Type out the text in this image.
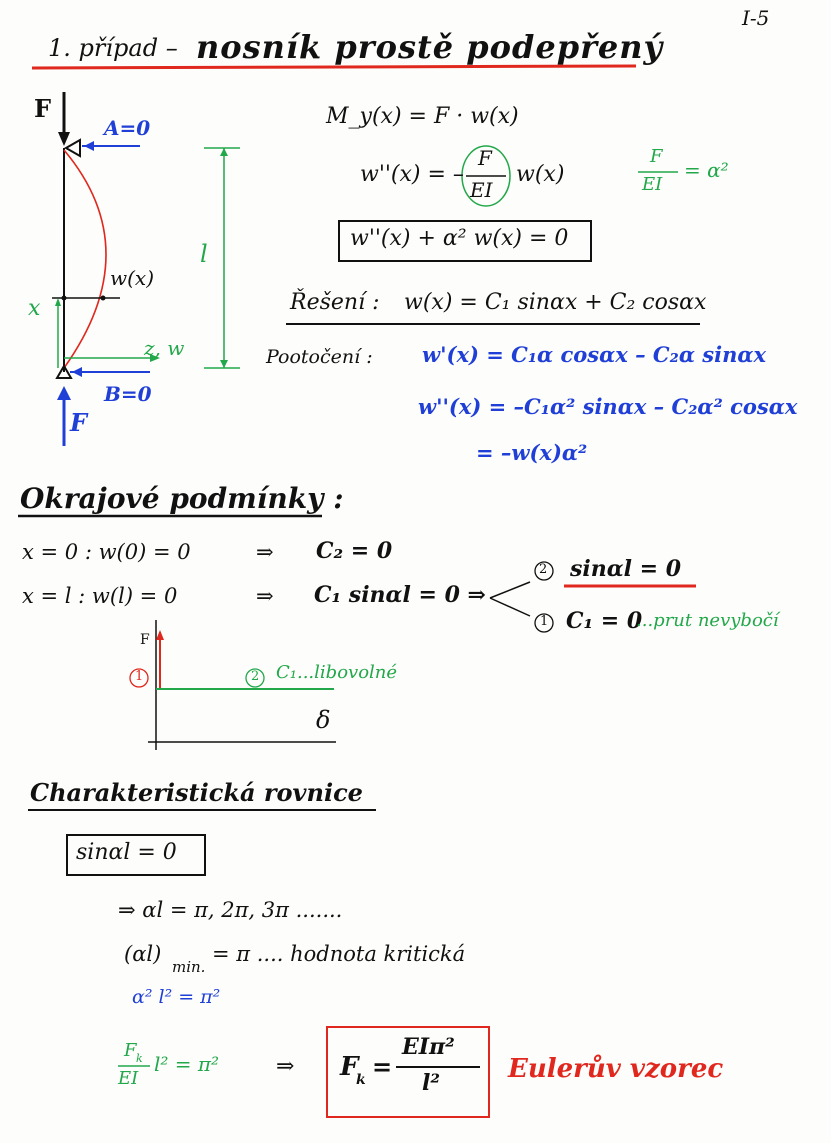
I-5
1. případ – nosník prostě podepřený
F
A=0
l
w(x)
x
z, w
B=0
F
M_y(x) = F · w(x)
w''(x) = –
F
EI
w(x)
F
EI
= α²
w''(x) + α² w(x) = 0
Řešení : w(x) = C₁ sinαx + C₂ cosαx
Pootočení : w'(x) = C₁α cosαx – C₂α sinαx
w''(x) = –C₁α² sinαx – C₂α² cosαx
= –w(x)α²
Okrajové podmínky :
x = 0 : w(0) = 0	⇒ C₂ = 0
x = l : w(l) = 0	⇒ C₁ sinαl = 0 ⇒
2 sinαl = 0
1 C₁ = 0
...prut nevybočí
F
δ
1	2 C₁...libovolné
Charakteristická rovnice
sinαl = 0
⇒ αl = π, 2π, 3π .......
(αl)
min.
= π .... hodnota kritická
α² l² = π²
F k
EI
l² = π²	⇒ F
k =
EIπ²
l²	Eulerův vzorec
